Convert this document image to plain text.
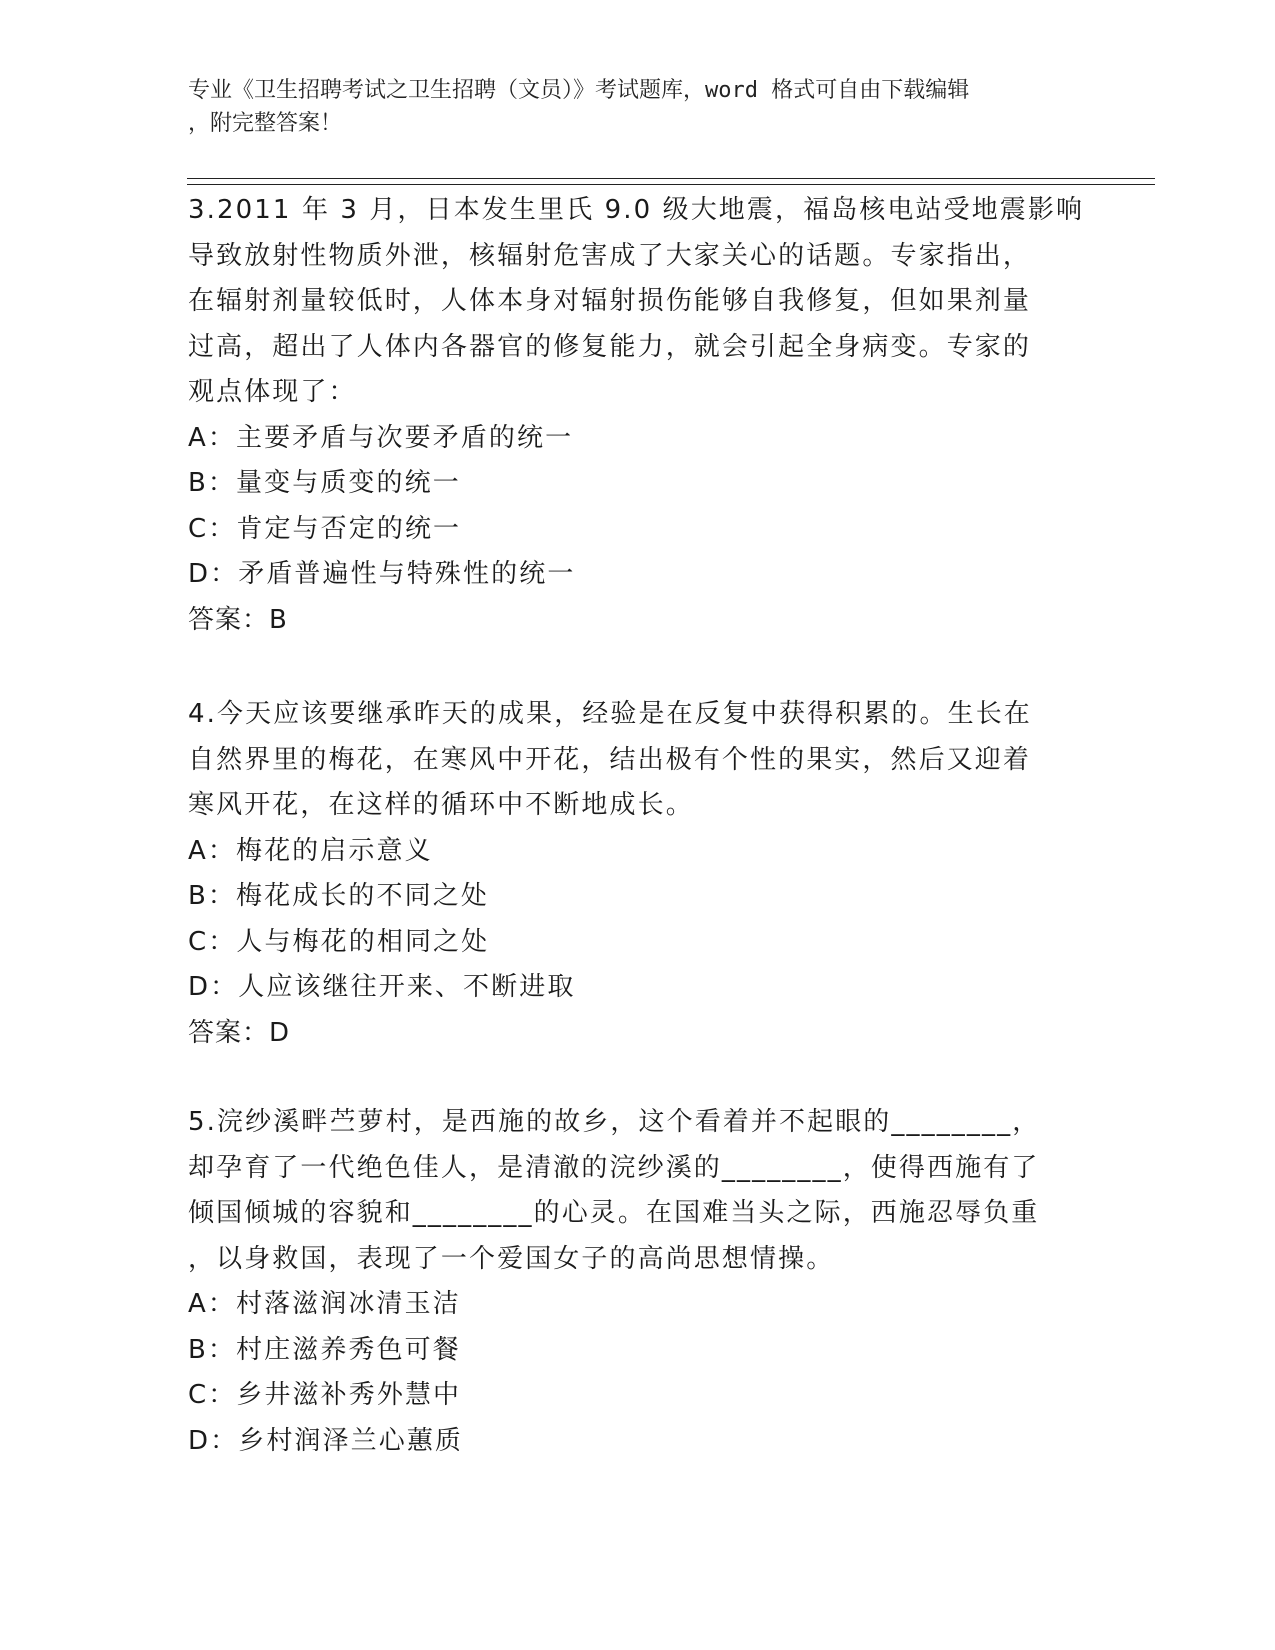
专业《卫生招聘考试之卫生招聘（文员）》考试题库，word 格式可自由下载编辑
，附完整答案！
3.2011 年 3 月，日本发生里氏 9.0 级大地震，福岛核电站受地震影响
导致放射性物质外泄，核辐射危害成了大家关心的话题。专家指出，
在辐射剂量较低时，人体本身对辐射损伤能够自我修复，但如果剂量
过高，超出了人体内各器官的修复能力，就会引起全身病变。专家的
观点体现了：
A：主要矛盾与次要矛盾的统一
B：量变与质变的统一
C：肯定与否定的统一
D：矛盾普遍性与特殊性的统一
答案：B
4.今天应该要继承昨天的成果，经验是在反复中获得积累的。生长在
自然界里的梅花，在寒风中开花，结出极有个性的果实，然后又迎着
寒风开花，在这样的循环中不断地成长。
A：梅花的启示意义
B：梅花成长的不同之处
C：人与梅花的相同之处
D：人应该继往开来、不断进取
答案：D
5.浣纱溪畔苎萝村，是西施的故乡，这个看着并不起眼的________，
却孕育了一代绝色佳人，是清澈的浣纱溪的________，使得西施有了
倾国倾城的容貌和________的心灵。在国难当头之际，西施忍辱负重
，以身救国，表现了一个爱国女子的高尚思想情操。
A：村落滋润冰清玉洁
B：村庄滋养秀色可餐
C：乡井滋补秀外慧中
D：乡村润泽兰心蕙质
